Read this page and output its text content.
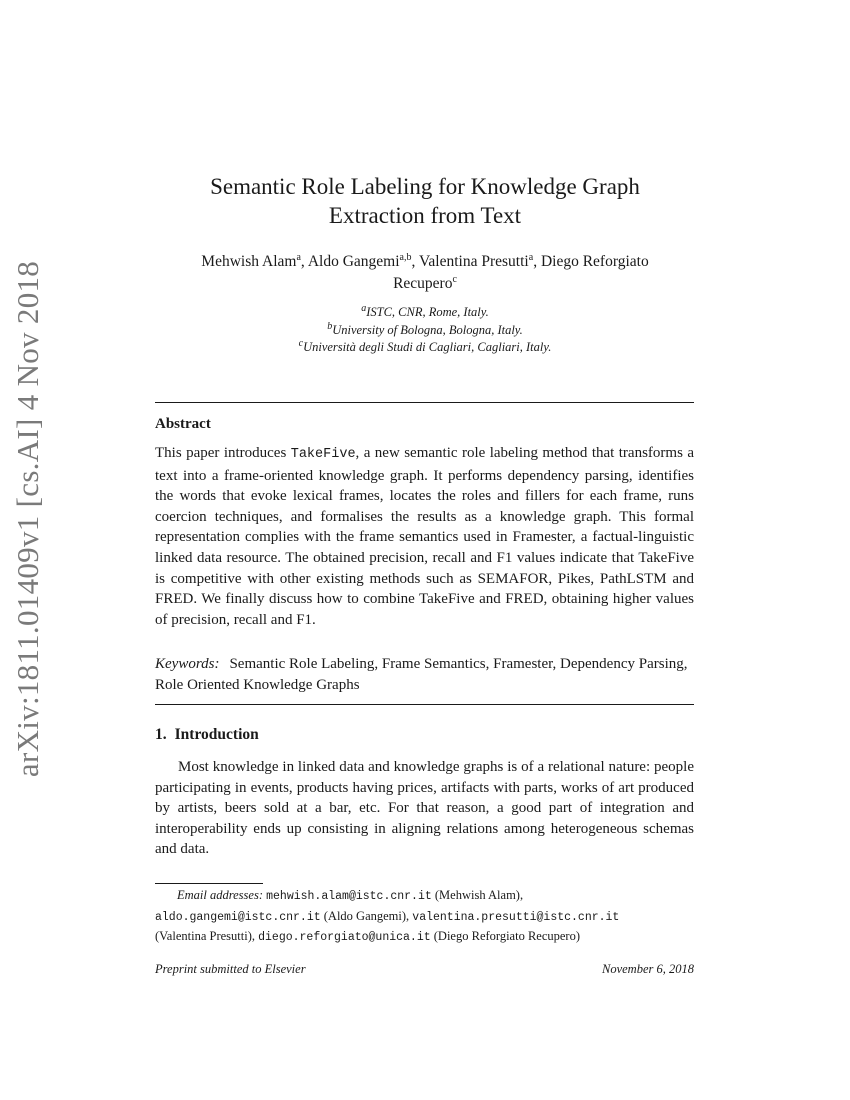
arXiv:1811.01409v1 [cs.AI] 4 Nov 2018
Semantic Role Labeling for Knowledge Graph
Extraction from Text
Mehwish Alam$^a$, Aldo Gangemi$^{a,b}$, Valentina Presutti$^a$, Diego Reforgiato
Recupero$^c$
$^a$ISTC, CNR, Rome, Italy.
$^b$University of Bologna, Bologna, Italy.
$^c$Università degli Studi di Cagliari, Cagliari, Italy.
Abstract
This paper introduces TakeFive, a new semantic role labeling method that transforms a text into a frame-oriented knowledge graph. It performs dependency parsing, identifies the words that evoke lexical frames, locates the roles and fillers for each frame, runs coercion techniques, and formalises the results as a knowledge graph. This formal representation complies with the frame semantics used in Framester, a factual-linguistic linked data resource. The obtained precision, recall and F1 values indicate that TakeFive is competitive with other existing methods such as SEMAFOR, Pikes, PathLSTM and FRED. We finally discuss how to combine TakeFive and FRED, obtaining higher values of precision, recall and F1.
Keywords: Semantic Role Labeling, Frame Semantics, Framester, Dependency Parsing, Role Oriented Knowledge Graphs
1. Introduction
Most knowledge in linked data and knowledge graphs is of a relational nature: people participating in events, products having prices, artifacts with parts, works of art produced by artists, beers sold at a bar, etc. For that reason, a good part of integration and interoperability ends up consisting in aligning relations among heterogeneous schemas and data.
Email addresses: mehwish.alam@istc.cnr.it (Mehwish Alam),
aldo.gangemi@istc.cnr.it (Aldo Gangemi), valentina.presutti@istc.cnr.it
(Valentina Presutti), diego.reforgiato@unica.it (Diego Reforgiato Recupero)
Preprint submitted to Elsevier	November 6, 2018
